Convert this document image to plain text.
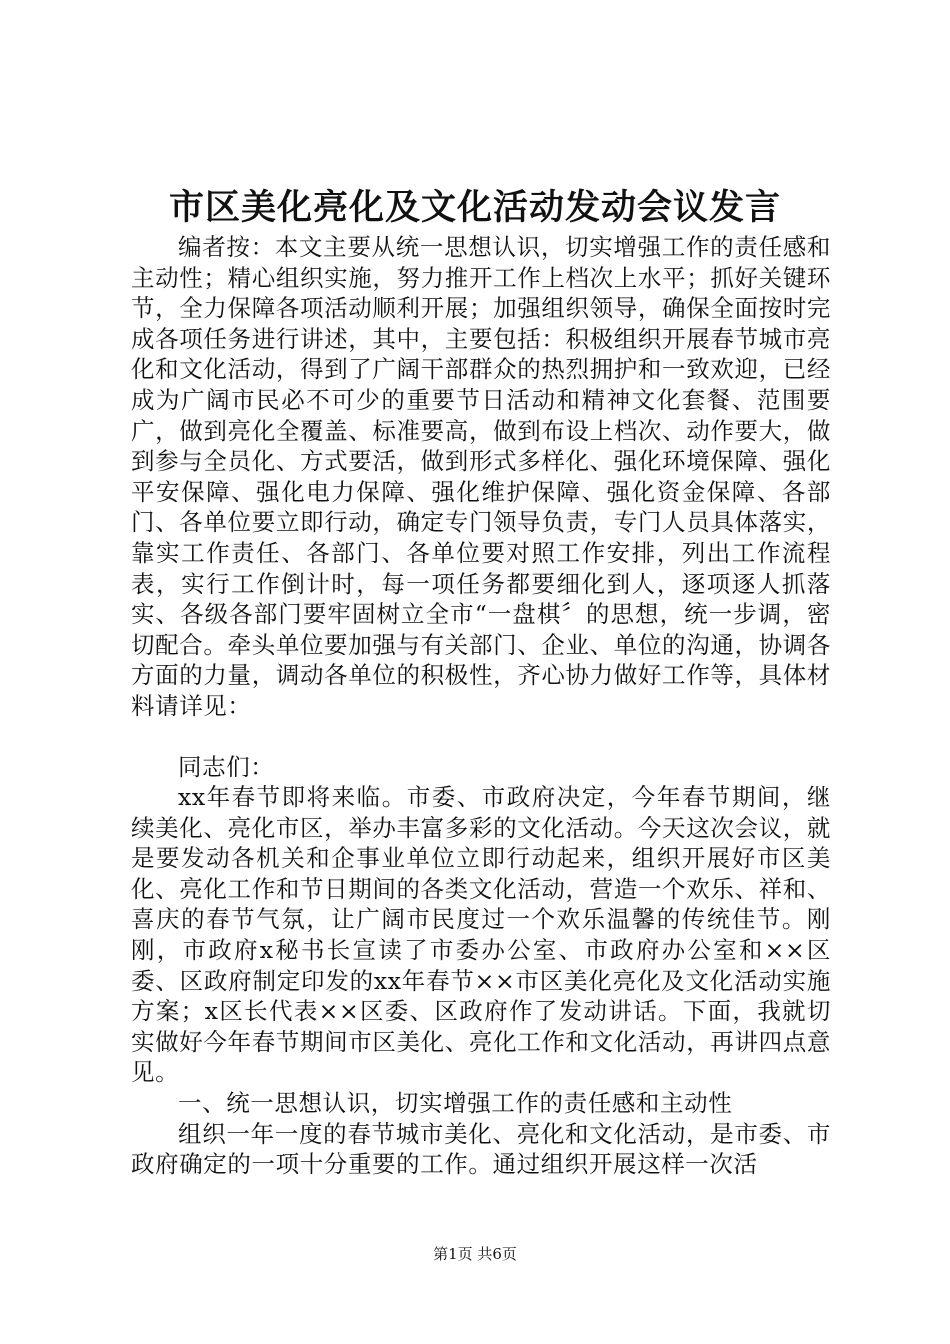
市区美化亮化及文化活动发动会议发言

编者按：本文主要从统一思想认识，切实增强工作的责任感和主动性；精心组织实施，努力推开工作上档次上水平；抓好关键环节，全力保障各项活动顺利开展；加强组织领导，确保全面按时完成各项任务进行讲述，其中，主要包括：积极组织开展春节城市亮化和文化活动，得到了广阔干部群众的热烈拥护和一致欢迎，已经成为广阔市民必不可少的重要节日活动和精神文化套餐、范围要广，做到亮化全覆盖、标准要高，做到布设上档次、动作要大，做到参与全员化、方式要活，做到形式多样化、强化环境保障、强化平安保障、强化电力保障、强化维护保障、强化资金保障、各部门、各单位要立即行动，确定专门领导负责，专门人员具体落实，靠实工作责任、各部门、各单位要对照工作安排，列出工作流程表，实行工作倒计时，每一项任务都要细化到人，逐项逐人抓落实、各级各部门要牢固树立全市“一盘棋〞的思想，统一步调，密切配合。牵头单位要加强与有关部门、企业、单位的沟通，协调各方面的力量，调动各单位的积极性，齐心协力做好工作等，具体材料请详见：

同志们：

xx年春节即将来临。市委、市政府决定，今年春节期间，继续美化、亮化市区，举办丰富多彩的文化活动。今天这次会议，就是要发动各机关和企事业单位立即行动起来，组织开展好市区美化、亮化工作和节日期间的各类文化活动，营造一个欢乐、祥和、喜庆的春节气氛，让广阔市民度过一个欢乐温馨的传统佳节。刚刚，市政府x秘书长宣读了市委办公室、市政府办公室和××区委、区政府制定印发的xx年春节××市区美化亮化及文化活动实施方案；x区长代表××区委、区政府作了发动讲话。下面，我就切实做好今年春节期间市区美化、亮化工作和文化活动，再讲四点意见。

一、统一思想认识，切实增强工作的责任感和主动性

组织一年一度的春节城市美化、亮化和文化活动，是市委、市政府确定的一项十分重要的工作。通过组织开展这样一次活

第1页 共6页
